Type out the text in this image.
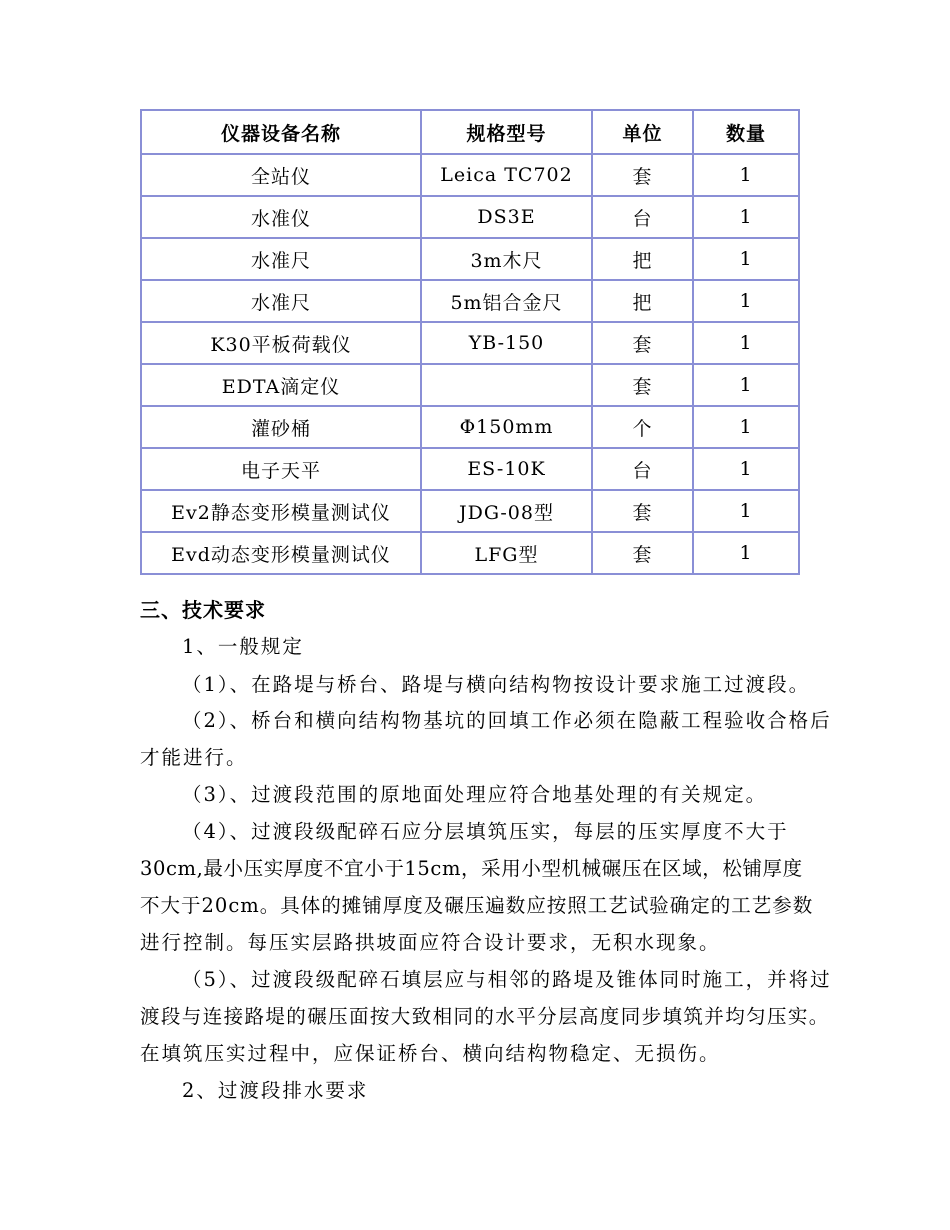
仪器设备名称	规格型号	单位	数量
全站仪	Leica TC702	套	1
水准仪	DS3E	台	1
水准尺	3m木尺	把	1
水准尺	5m铝合金尺	把	1
K30平板荷载仪	YB-150	套	1
EDTA滴定仪		套	1
灌砂桶	Φ150mm	个	1
电子天平	ES-10K	台	1
Ev2静态变形模量测试仪	JDG-08型	套	1
Evd动态变形模量测试仪	LFG型	套	1
三、技术要求
1、一般规定
（1）、在路堤与桥台、路堤与横向结构物按设计要求施工过渡段。
（2）、桥台和横向结构物基坑的回填工作必须在隐蔽工程验收合格后
才能进行。
（3）、过渡段范围的原地面处理应符合地基处理的有关规定。
（4）、过渡段级配碎石应分层填筑压实，每层的压实厚度不大于
30cm,最小压实厚度不宜小于15cm，采用小型机械碾压在区域，松铺厚度
不大于20cm。具体的摊铺厚度及碾压遍数应按照工艺试验确定的工艺参数
进行控制。每压实层路拱坡面应符合设计要求，无积水现象。
（5）、过渡段级配碎石填层应与相邻的路堤及锥体同时施工，并将过
渡段与连接路堤的碾压面按大致相同的水平分层高度同步填筑并均匀压实。
在填筑压实过程中，应保证桥台、横向结构物稳定、无损伤。
2、过渡段排水要求
